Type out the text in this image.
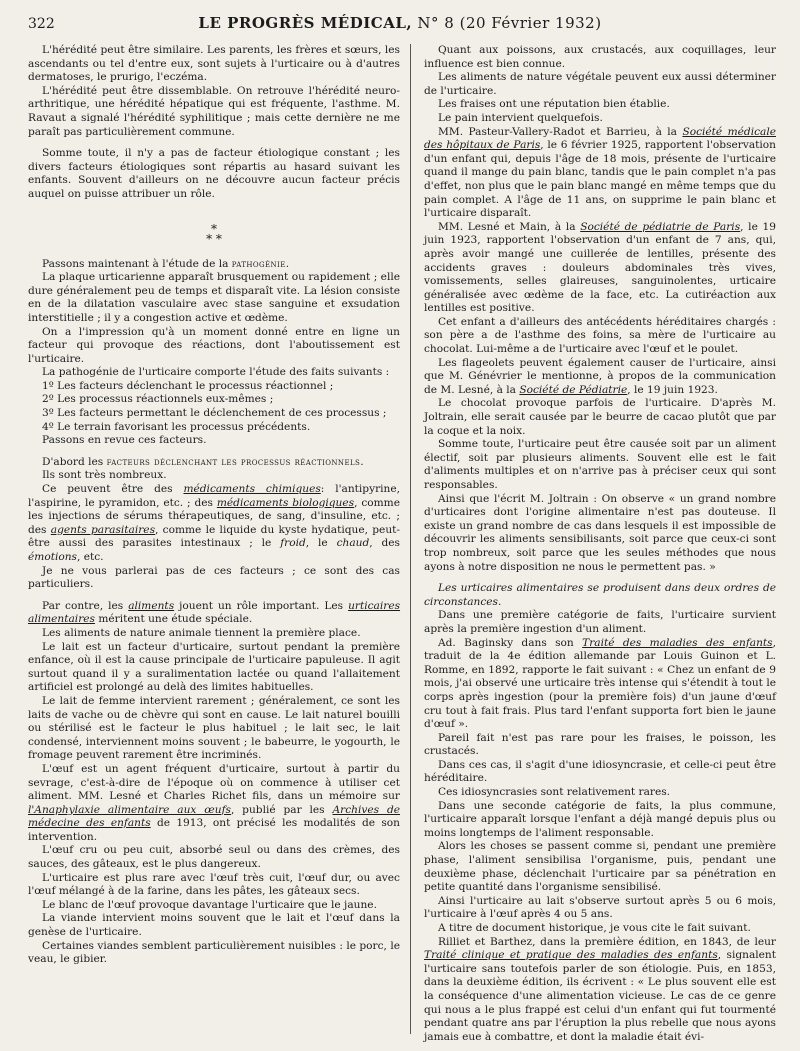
322	LE PROGRÈS MÉDICAL, N° 8 (20 Février 1932)

L'hérédité peut être similaire. Les parents, les frères et sœurs, les ascendants ou tel d'entre eux, sont sujets à l'urticaire ou à d'autres dermatoses, le prurigo, l'eczéma.

L'hérédité peut être dissemblable. On retrouve l'hérédité neuro-arthritique, une hérédité hépatique qui est fréquente, l'asthme. M. Ravaut a signalé l'hérédité syphilitique ; mais cette dernière ne me paraît pas particulièrement commune.

Somme toute, il n'y a pas de facteur étiologique constant ; les divers facteurs étiologiques sont répartis au hasard suivant les enfants. Souvent d'ailleurs on ne découvre aucun facteur précis auquel on puisse attribuer un rôle.

*
* *

Passons maintenant à l'étude de la pathogénie.

La plaque urticarienne apparaît brusquement ou rapidement ; elle dure généralement peu de temps et disparaît vite. La lésion consiste en de la dilatation vasculaire avec stase sanguine et exsudation interstitielle ; il y a congestion active et œdème.

On a l'impression qu'à un moment donné entre en ligne un facteur qui provoque des réactions, dont l'aboutissement est l'urticaire.

La pathogénie de l'urticaire comporte l'étude des faits suivants :

1º Les facteurs déclenchant le processus réactionnel ;

2º Les processus réactionnels eux-mêmes ;

3º Les facteurs permettant le déclenchement de ces processus ;

4º Le terrain favorisant les processus précédents.

Passons en revue ces facteurs.

D'abord les facteurs déclenchant les processus réactionnels.

Ils sont très nombreux.

Ce peuvent être des médicaments chimiques: l'antipyrine, l'aspirine, le pyramidon, etc. ; des médicaments biologiques, comme les injections de sérums thérapeutiques, de sang, d'insuline, etc. ; des agents parasitaires, comme le liquide du kyste hydatique, peut-être aussi des parasites intestinaux ; le froid, le chaud, des émotions, etc.

Je ne vous parlerai pas de ces facteurs ; ce sont des cas particuliers.

Par contre, les aliments jouent un rôle important. Les urticaires alimentaires méritent une étude spéciale.

Les aliments de nature animale tiennent la première place.

Le lait est un facteur d'urticaire, surtout pendant la première enfance, où il est la cause principale de l'urticaire papuleuse. Il agit surtout quand il y a suralimentation lactée ou quand l'allaitement artificiel est prolongé au delà des limites habituelles.

Le lait de femme intervient rarement ; généralement, ce sont les laits de vache ou de chèvre qui sont en cause. Le lait naturel bouilli ou stérilisé est le facteur le plus habituel ; le lait sec, le lait condensé, interviennent moins souvent ; le babeurre, le yogourth, le fromage peuvent rarement être incriminés.

L'œuf est un agent fréquent d'urticaire, surtout à partir du sevrage, c'est-à-dire de l'époque où on commence à utiliser cet aliment. MM. Lesné et Charles Richet fils, dans un mémoire sur l'Anaphylaxie alimentaire aux œufs, publié par les Archives de médecine des enfants de 1913, ont précisé les modalités de son intervention.

L'œuf cru ou peu cuit, absorbé seul ou dans des crèmes, des sauces, des gâteaux, est le plus dangereux.

L'urticaire est plus rare avec l'œuf très cuit, l'œuf dur, ou avec l'œuf mélangé à de la farine, dans les pâtes, les gâteaux secs.

Le blanc de l'œuf provoque davantage l'urticaire que le jaune.

La viande intervient moins souvent que le lait et l'œuf dans la genèse de l'urticaire.

Certaines viandes semblent particulièrement nuisibles : le porc, le veau, le gibier.

Quant aux poissons, aux crustacés, aux coquillages, leur influence est bien connue.

Les aliments de nature végétale peuvent eux aussi déterminer de l'urticaire.

Les fraises ont une réputation bien établie.

Le pain intervient quelquefois.

MM. Pasteur-Vallery-Radot et Barrieu, à la Société médicale des hôpitaux de Paris, le 6 février 1925, rapportent l'observation d'un enfant qui, depuis l'âge de 18 mois, présente de l'urticaire quand il mange du pain blanc, tandis que le pain complet n'a pas d'effet, non plus que le pain blanc mangé en même temps que du pain complet. A l'âge de 11 ans, on supprime le pain blanc et l'urticaire disparaît.

MM. Lesné et Main, à la Société de pédiatrie de Paris, le 19 juin 1923, rapportent l'observation d'un enfant de 7 ans, qui, après avoir mangé une cuillerée de lentilles, présente des accidents graves : douleurs abdominales très vives, vomissements, selles glaireuses, sanguinolentes, urticaire généralisée avec œdème de la face, etc. La cutiréaction aux lentilles est positive.

Cet enfant a d'ailleurs des antécédents héréditaires chargés : son père a de l'asthme des foins, sa mère de l'urticaire au chocolat. Lui-même a de l'urticaire avec l'œuf et le poulet.

Les flageolets peuvent également causer de l'urticaire, ainsi que M. Génévrier le mentionne, à propos de la communication de M. Lesné, à la Société de Pédiatrie, le 19 juin 1923.

Le chocolat provoque parfois de l'urticaire. D'après M. Joltrain, elle serait causée par le beurre de cacao plutôt que par la coque et la noix.

Somme toute, l'urticaire peut être causée soit par un aliment électif, soit par plusieurs aliments. Souvent elle est le fait d'aliments multiples et on n'arrive pas à préciser ceux qui sont responsables.

Ainsi que l'écrit M. Joltrain : On observe « un grand nombre d'urticaires dont l'origine alimentaire n'est pas douteuse. Il existe un grand nombre de cas dans lesquels il est impossible de découvrir les aliments sensibilisants, soit parce que ceux-ci sont trop nombreux, soit parce que les seules méthodes que nous ayons à notre disposition ne nous le permettent pas. »

Les urticaires alimentaires se produisent dans deux ordres de circonstances.

Dans une première catégorie de faits, l'urticaire survient après la première ingestion d'un aliment.

Ad. Baginsky dans son Traité des maladies des enfants, traduit de la 4e édition allemande par Louis Guinon et L. Romme, en 1892, rapporte le fait suivant : « Chez un enfant de 9 mois, j'ai observé une urticaire très intense qui s'étendit à tout le corps après ingestion (pour la première fois) d'un jaune d'œuf cru tout à fait frais. Plus tard l'enfant supporta fort bien le jaune d'œuf ».

Pareil fait n'est pas rare pour les fraises, le poisson, les crustacés.

Dans ces cas, il s'agit d'une idiosyncrasie, et celle-ci peut être héréditaire.

Ces idiosyncrasies sont relativement rares.

Dans une seconde catégorie de faits, la plus commune, l'urticaire apparaît lorsque l'enfant a déjà mangé depuis plus ou moins longtemps de l'aliment responsable.

Alors les choses se passent comme si, pendant une première phase, l'aliment sensibilisa l'organisme, puis, pendant une deuxième phase, déclenchait l'urticaire par sa pénétration en petite quantité dans l'organisme sensibilisé.

Ainsi l'urticaire au lait s'observe surtout après 5 ou 6 mois, l'urticaire à l'œuf après 4 ou 5 ans.

A titre de document historique, je vous cite le fait suivant.

Rilliet et Barthez, dans la première édition, en 1843, de leur Traité clinique et pratique des maladies des enfants, signalent l'urticaire sans toutefois parler de son étiologie. Puis, en 1853, dans la deuxième édition, ils écrivent : « Le plus souvent elle est la conséquence d'une alimentation vicieuse. Le cas de ce genre qui nous a le plus frappé est celui d'un enfant qui fut tourmenté pendant quatre ans par l'éruption la plus rebelle que nous ayons jamais eue à combattre, et dont la maladie était évi-
